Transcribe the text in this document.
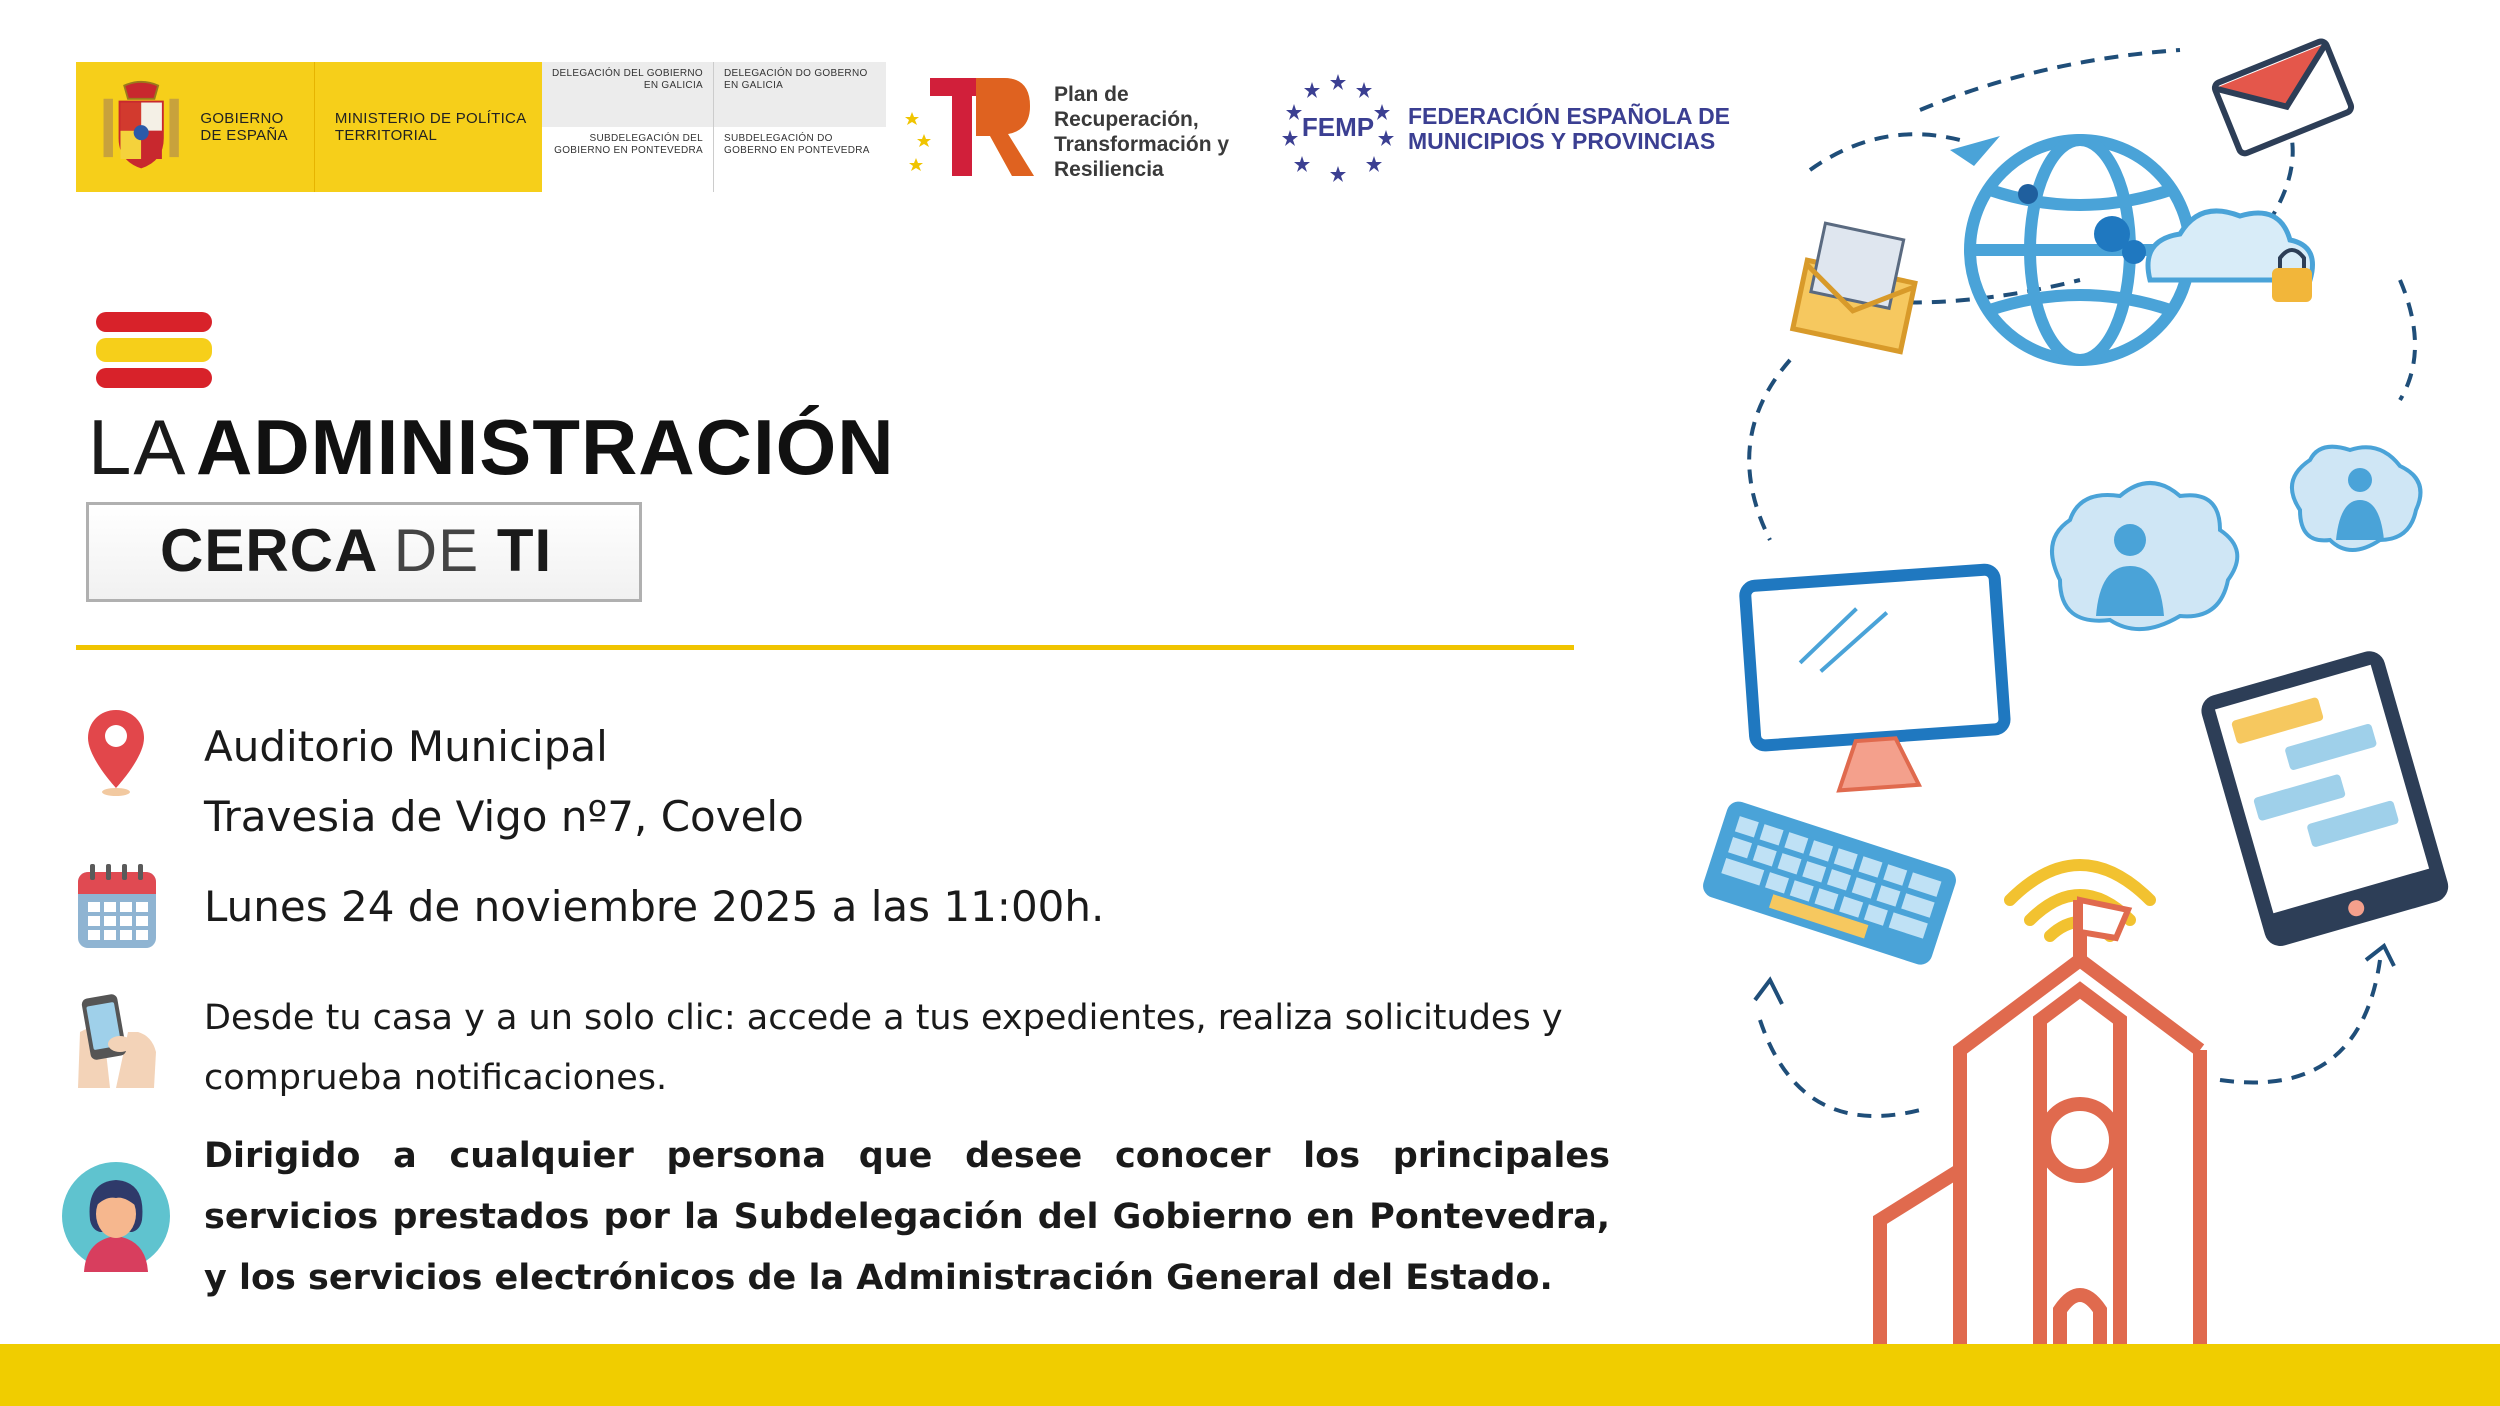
GOBIERNO DE ESPAÑA
MINISTERIO DE POLÍTICA TERRITORIAL
DELEGACIÓN DEL GOBIERNO EN GALICIA
DELEGACIÓN DO GOBERNO EN GALICIA
SUBDELEGACIÓN DEL GOBIERNO EN PONTEVEDRA
SUBDELEGACIÓN DO GOBERNO EN PONTEVEDRA
Plan de Recuperación, Transformación y Resiliencia
FEMP FEDERACIÓN ESPAÑOLA DE MUNICIPIOS Y PROVINCIAS
LA ADMINISTRACIÓN
CERCA DE TI
Auditorio Municipal
Travesia de Vigo nº7, Covelo
Lunes 24 de noviembre 2025 a las 11:00h.
Desde tu casa y a un solo clic: accede a tus expedientes, realiza solicitudes y comprueba notificaciones.
Dirigido a cualquier persona que desee conocer los principales servicios prestados por la Subdelegación del Gobierno en Pontevedra, y los servicios electrónicos de la Administración General del Estado.
